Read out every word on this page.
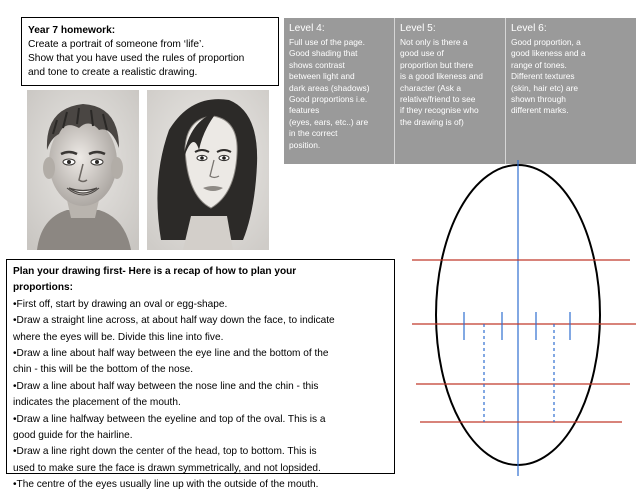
Year 7 homework:
Create a portrait of someone from ‘life’.
Show that you have used the rules of proportion
and tone to create a realistic drawing.
Level 4:
Full use of the page.
Good shading that
shows contrast
between light and
dark areas (shadows)
Good proportions i.e.
features
(eyes, ears, etc..) are
in the correct
position.
Level 5:
Not only is there a
good use of
proportion but there
is a good likeness and
character (Ask a
relative/friend to see
if they recognise who
the drawing is of)
Level 6:
Good proportion, a
good likeness and a
range of tones.
Different textures
(skin, hair etc) are
shown through
different marks.
Plan your drawing first- Here is a recap of how to plan your
proportions:
•First off, start by drawing an oval or egg-shape.
•Draw a straight line across, at about half way down the face, to indicate
where the eyes will be. Divide this line into five.
•Draw a line about half way between the eye line and the bottom of the
chin - this will be the bottom of the nose.
•Draw a line about half way between the nose line and the chin - this
indicates the placement of the mouth.
•Draw a line halfway between the eyeline and top of the oval. This is a
good guide for the hairline.
•Draw a line right down the center of the head, top to bottom. This is
used to make sure the face is drawn symmetrically, and not lopsided.
•The centre of the eyes usually line up with the outside of the mouth.
